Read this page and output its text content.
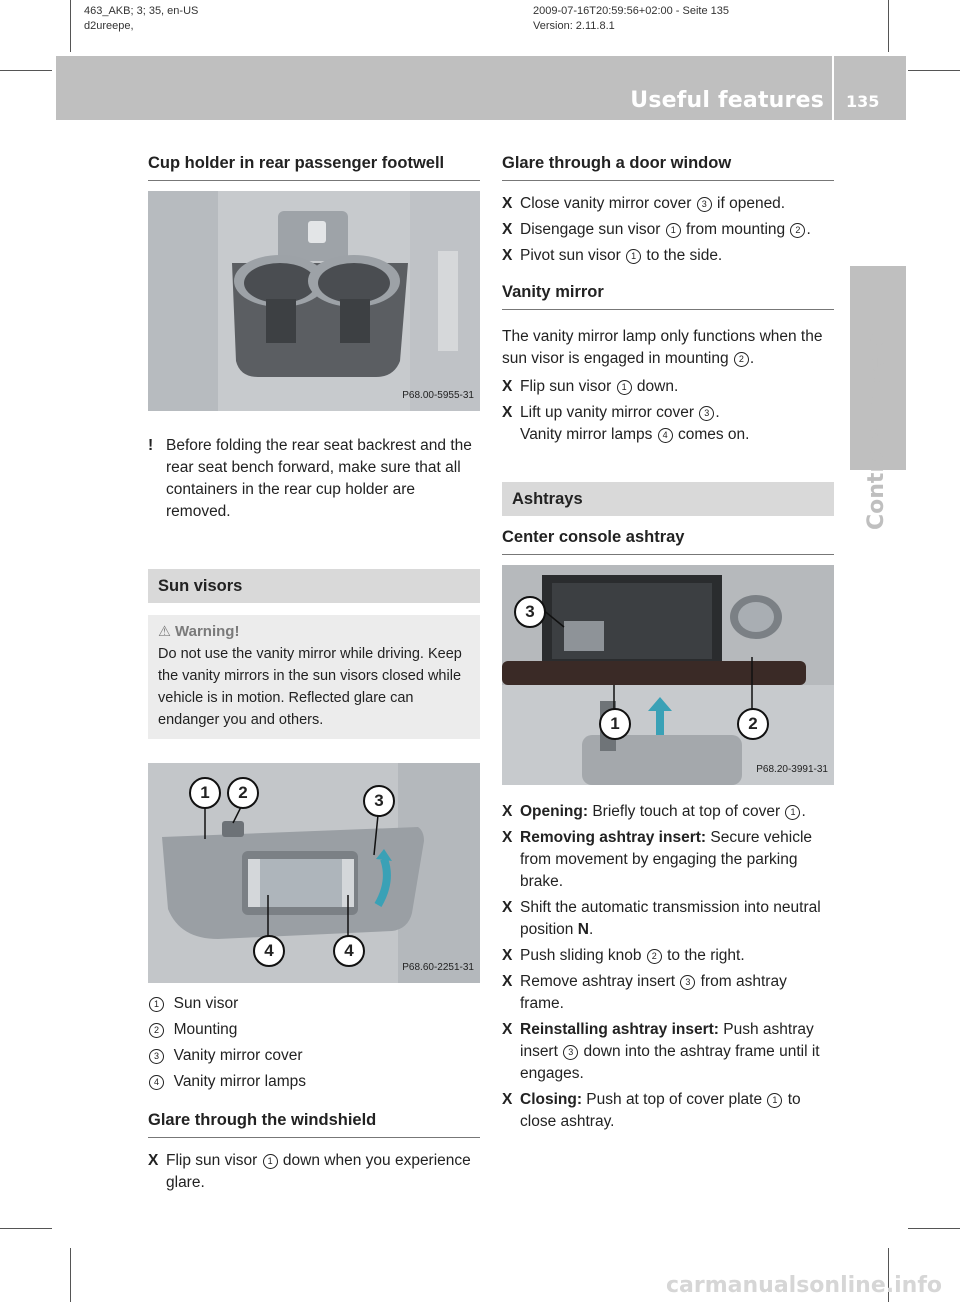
463_AKB; 3; 35, en-US
d2ureepe,
2009-07-16T20:59:56+02:00 - Seite 135
Version: 2.11.8.1
Useful features 135
Controls in detail
Cup holder in rear passenger footwell
P68.00-5955-31

! Before folding the rear seat backrest and the rear seat bench forward, make sure that all containers in the rear cup holder are removed.

Sun visors
⚠ Warning!
Do not use the vanity mirror while driving. Keep the vanity mirrors in the sun visors closed while vehicle is in motion. Reflected glare can endanger you and others.
1	2	3
4	4
P68.60-2251-31
1 Sun visor
2 Mounting
3 Vanity mirror cover
4 Vanity mirror lamps
Glare through the windshield

X Flip sun visor 1 down when you experience glare.

Glare through a door window

X Close vanity mirror cover 3 if opened.

X Disengage sun visor 1 from mounting 2 .

X Pivot sun visor 1 to the side.

Vanity mirror

The vanity mirror lamp only functions when the sun visor is engaged in mounting 2 .

X Flip sun visor 1 down.

X Lift up vanity mirror cover 3 .
Vanity mirror lamps 4 comes on.

Ashtrays
Center console ashtray
3
1	2
P68.20-3991-31

X Opening: Briefly touch at top of cover 1 .

X Removing ashtray insert: Secure vehicle from movement by engaging the parking brake.

X Shift the automatic transmission into neutral position N.

X Push sliding knob 2 to the right.

X Remove ashtray insert 3 from ashtray frame.

X Reinstalling ashtray insert: Push ashtray insert 3 down into the ashtray frame until it engages.

X Closing: Push at top of cover plate 1 to close ashtray.

carmanualsonline.info
